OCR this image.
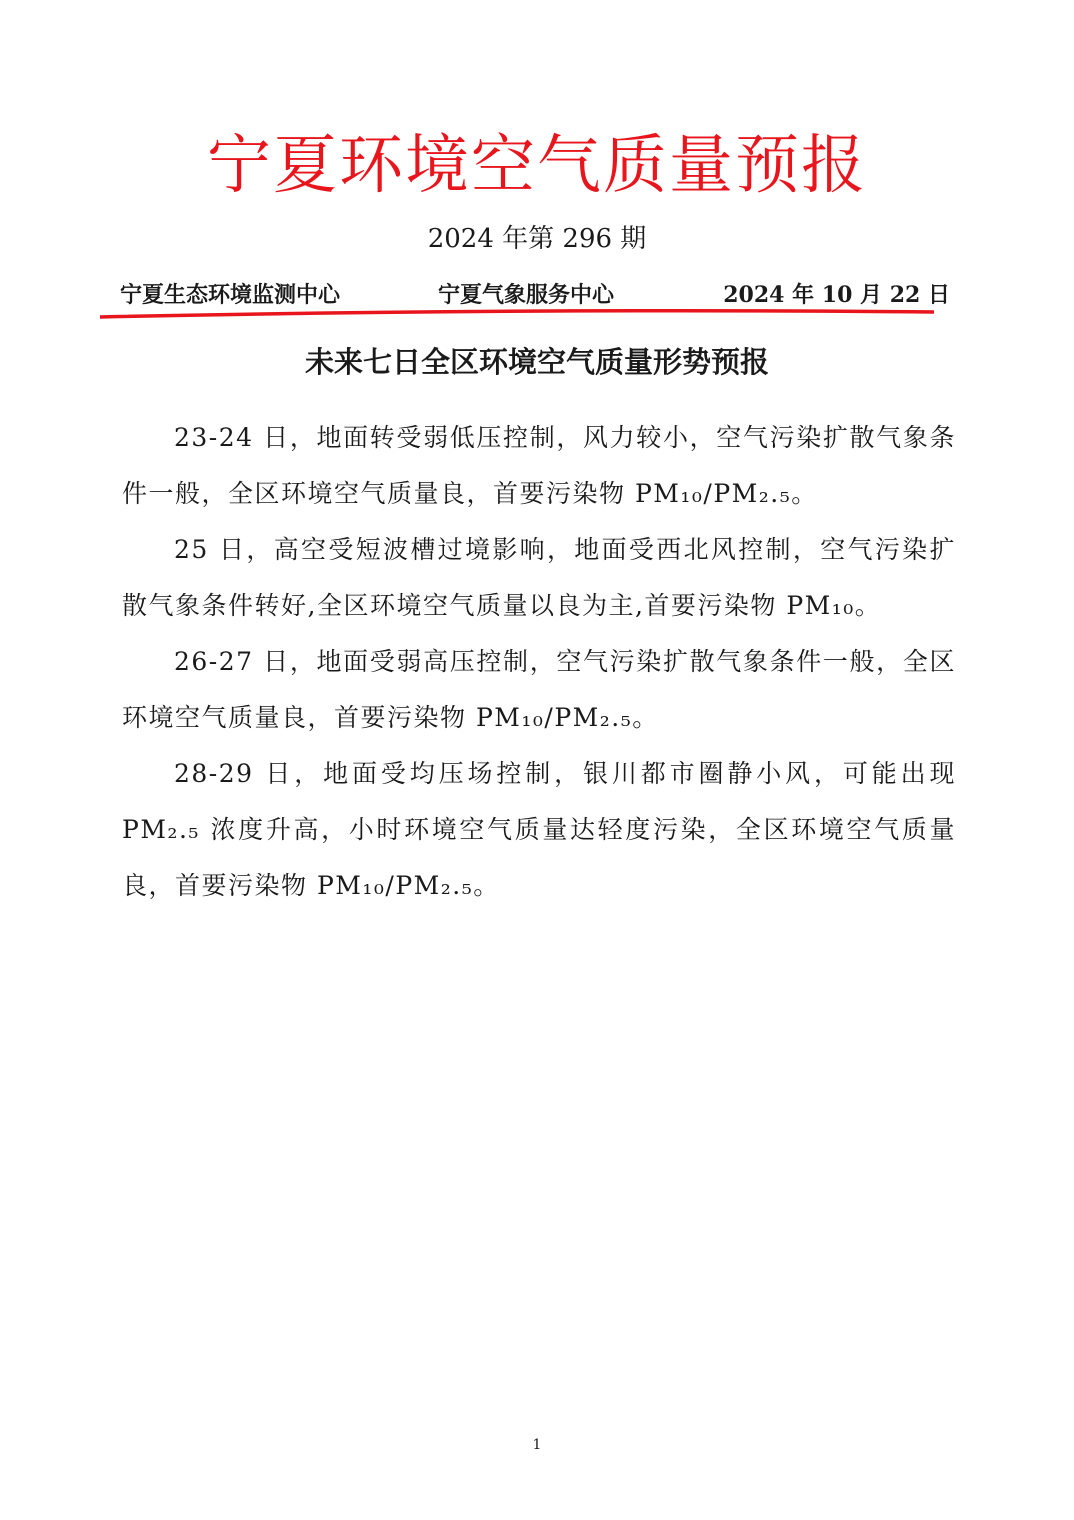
宁夏环境空气质量预报
2024 年第 296 期
宁夏生态环境监测中心	宁夏气象服务中心	2024 年 10 月 22 日
未来七日全区环境空气质量形势预报

23-24 日，地面转受弱低压控制，风力较小，空气污染扩散气象条件一般，全区环境空气质量良，首要污染物 PM₁₀/PM₂.₅。

25 日，高空受短波槽过境影响，地面受西北风控制，空气污染扩散气象条件转好,全区环境空气质量以良为主,首要污染物 PM₁₀。

26-27 日，地面受弱高压控制，空气污染扩散气象条件一般，全区环境空气质量良，首要污染物 PM₁₀/PM₂.₅。

28-29 日，地面受均压场控制，银川都市圈静小风，可能出现 PM₂.₅ 浓度升高，小时环境空气质量达轻度污染，全区环境空气质量良，首要污染物 PM₁₀/PM₂.₅。

1
